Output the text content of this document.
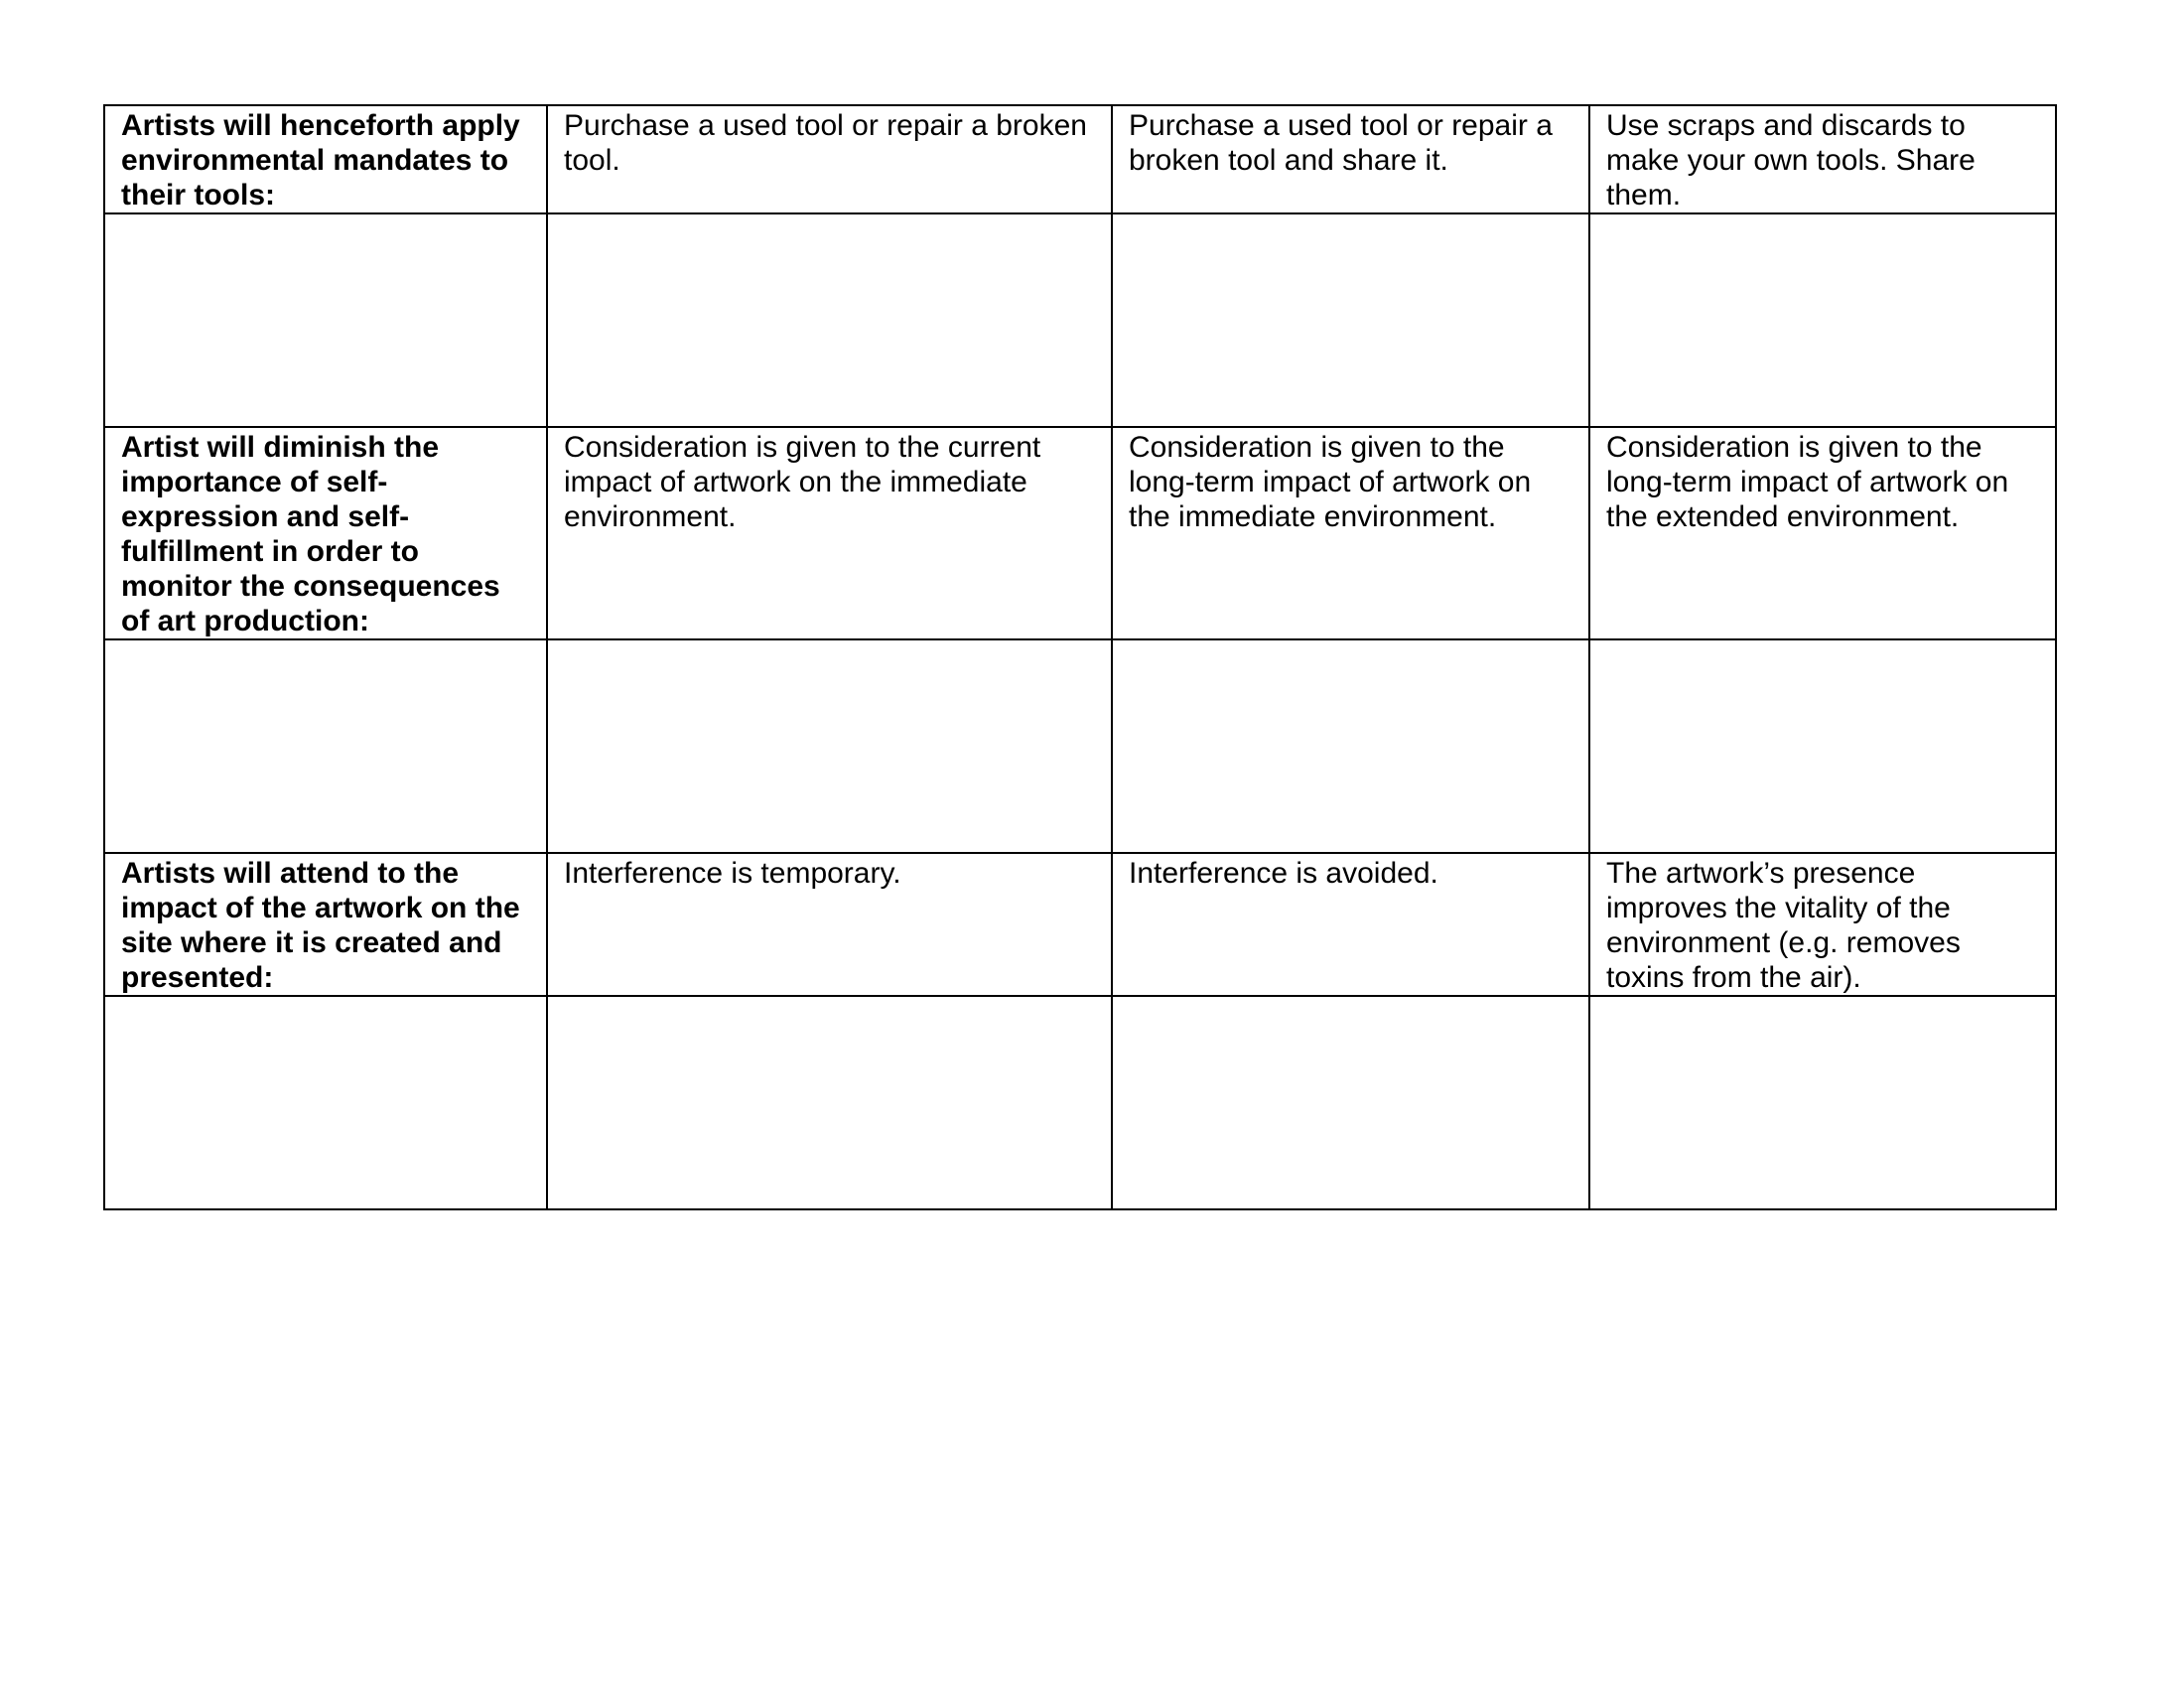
Artists will henceforth apply environmental mandates to their tools:	Purchase a used tool or repair a broken tool.	Purchase a used tool or repair a broken tool and share it.	Use scraps and discards to make your own tools. Share them.

Artist will diminish the importance of self-expression and self-fulfillment in order to monitor the consequences of art production:	Consideration is given to the current impact of artwork on the immediate environment.	Consideration is given to the long-term impact of artwork on the immediate environment.	Consideration is given to the long-term impact of artwork on the extended environment.

Artists will attend to the impact of the artwork on the site where it is created and presented:	Interference is temporary.	Interference is avoided.	The artwork’s presence improves the vitality of the environment (e.g. removes toxins from the air).
